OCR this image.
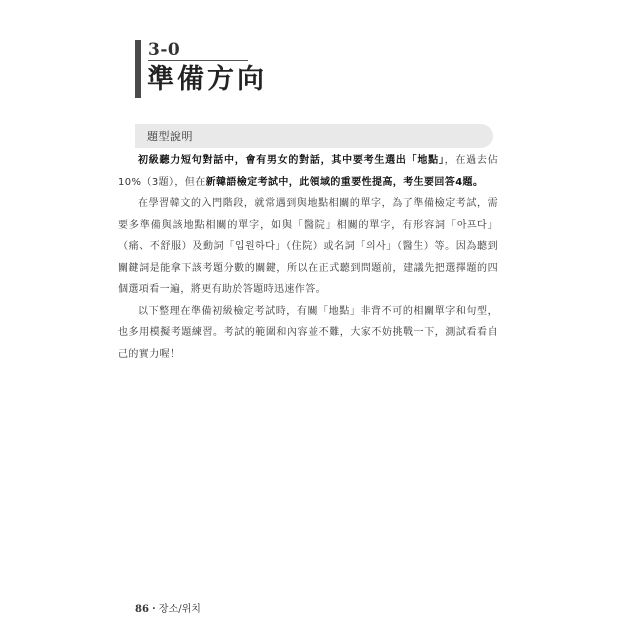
3-0
準備方向
題型說明

初級聽力短句對話中，會有男女的對話，其中要考生選出「地點」，在過去佔10%（3題），但在新韓語檢定考試中，此領域的重要性提高，考生要回答4題。

在學習韓文的入門階段，就常遇到與地點相關的單字，為了準備檢定考試，需要多準備與該地點相關的單字，如與「醫院」相關的單字，有形容詞「아프다」（痛、不舒服）及動詞「입원하다」（住院）或名詞「의사」（醫生）等。因為聽到關鍵詞是能拿下該考題分數的關鍵，所以在正式聽到問題前，建議先把選擇題的四個選項看一遍，將更有助於答題時迅速作答。

以下整理在準備初級檢定考試時，有關「地點」非背不可的相關單字和句型，也多用模擬考題練習。考試的範圍和內容並不難，大家不妨挑戰一下，測試看看自己的實力喔！

86・장소/위치
